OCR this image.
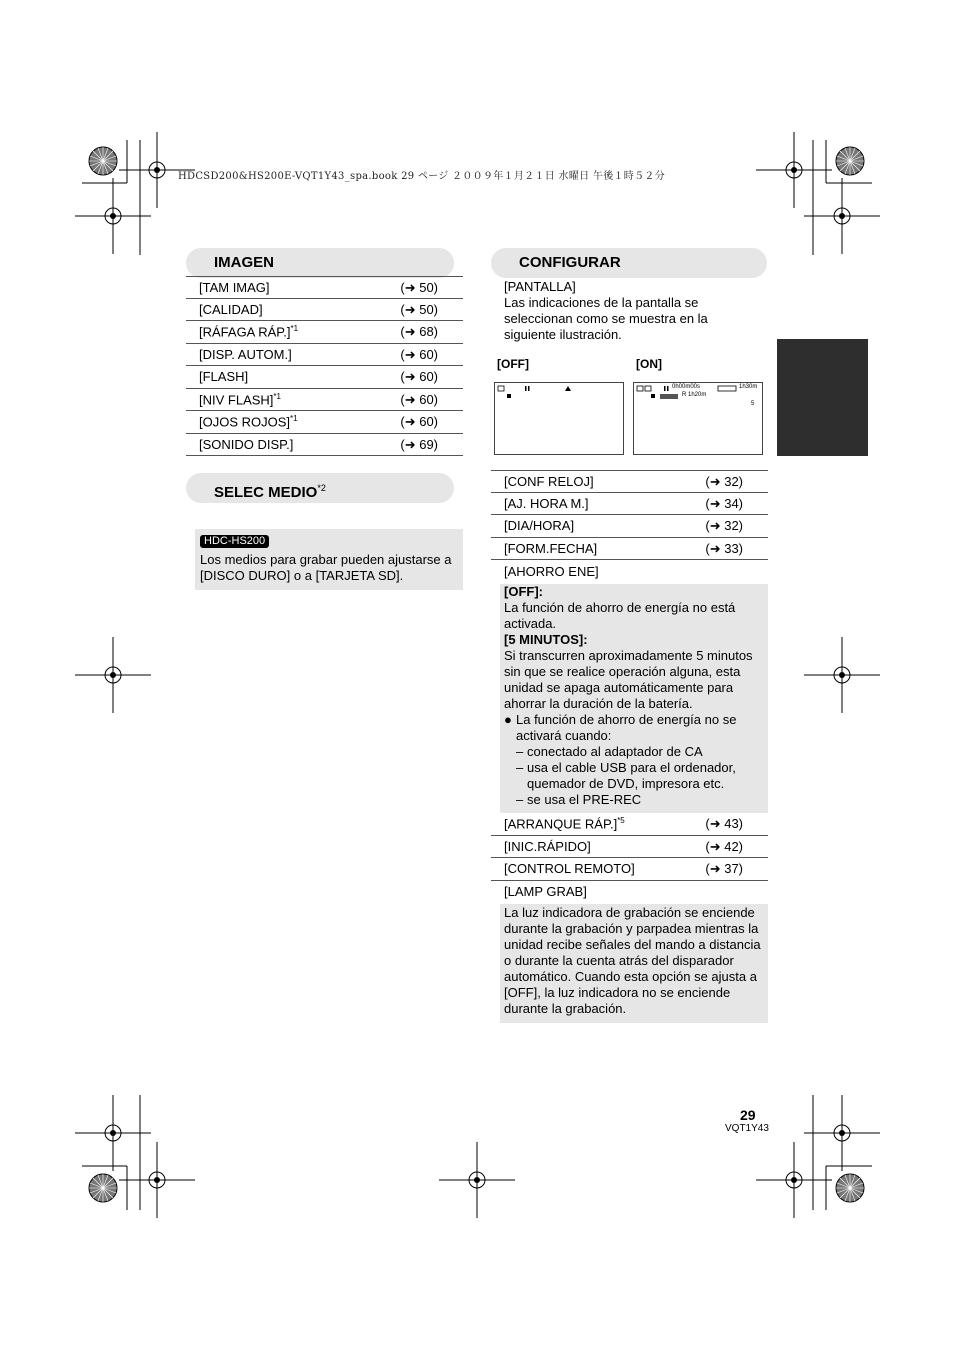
HDCSD200&HS200E-VQT1Y43_spa.book 29 ページ ２００９年１月２１日 水曜日 午後１時５２分
IMAGEN
[TAM IMAG]	(➜ 50)
[CALIDAD]	(➜ 50)
[RÁFAGA RÁP.]$^{*1}$	(➜ 68)
[DISP. AUTOM.]	(➜ 60)
[FLASH]	(➜ 60)
[NIV FLASH]$^{*1}$	(➜ 60)
[OJOS ROJOS]$^{*1}$	(➜ 60)
[SONIDO DISP.]	(➜ 69)
SELEC MEDIO$^{*2}$
HDC-HS200
Los medios para grabar pueden ajustarse a [DISCO DURO] o a [TARJETA SD].
CONFIGURAR
[PANTALLA]
Las indicaciones de la pantalla se seleccionan como se muestra en la siguiente ilustración.
[OFF]	[ON]
0h00m00s	1h30m
R 1h20m
5
[CONF RELOJ]	(➜ 32)
[AJ. HORA M.]	(➜ 34)
[DIA/HORA]	(➜ 32)
[FORM.FECHA]	(➜ 33)
[AHORRO ENE]
[OFF]:
La función de ahorro de energía no está activada.
[5 MINUTOS]:
Si transcurren aproximadamente 5 minutos sin que se realice operación alguna, esta unidad se apaga automáticamente para ahorrar la duración de la batería.
● La función de ahorro de energía no se activará cuando:
– conectado al adaptador de CA
– usa el cable USB para el ordenador, quemador de DVD, impresora etc.
– se usa el PRE-REC
[ARRANQUE RÁP.]$^{*5}$	(➜ 43)
[INIC.RÁPIDO]	(➜ 42)
[CONTROL REMOTO]	(➜ 37)
[LAMP GRAB]
La luz indicadora de grabación se enciende durante la grabación y parpadea mientras la unidad recibe señales del mando a distancia o durante la cuenta atrás del disparador automático. Cuando esta opción se ajusta a [OFF], la luz indicadora no se enciende durante la grabación.
29
VQT1Y43
